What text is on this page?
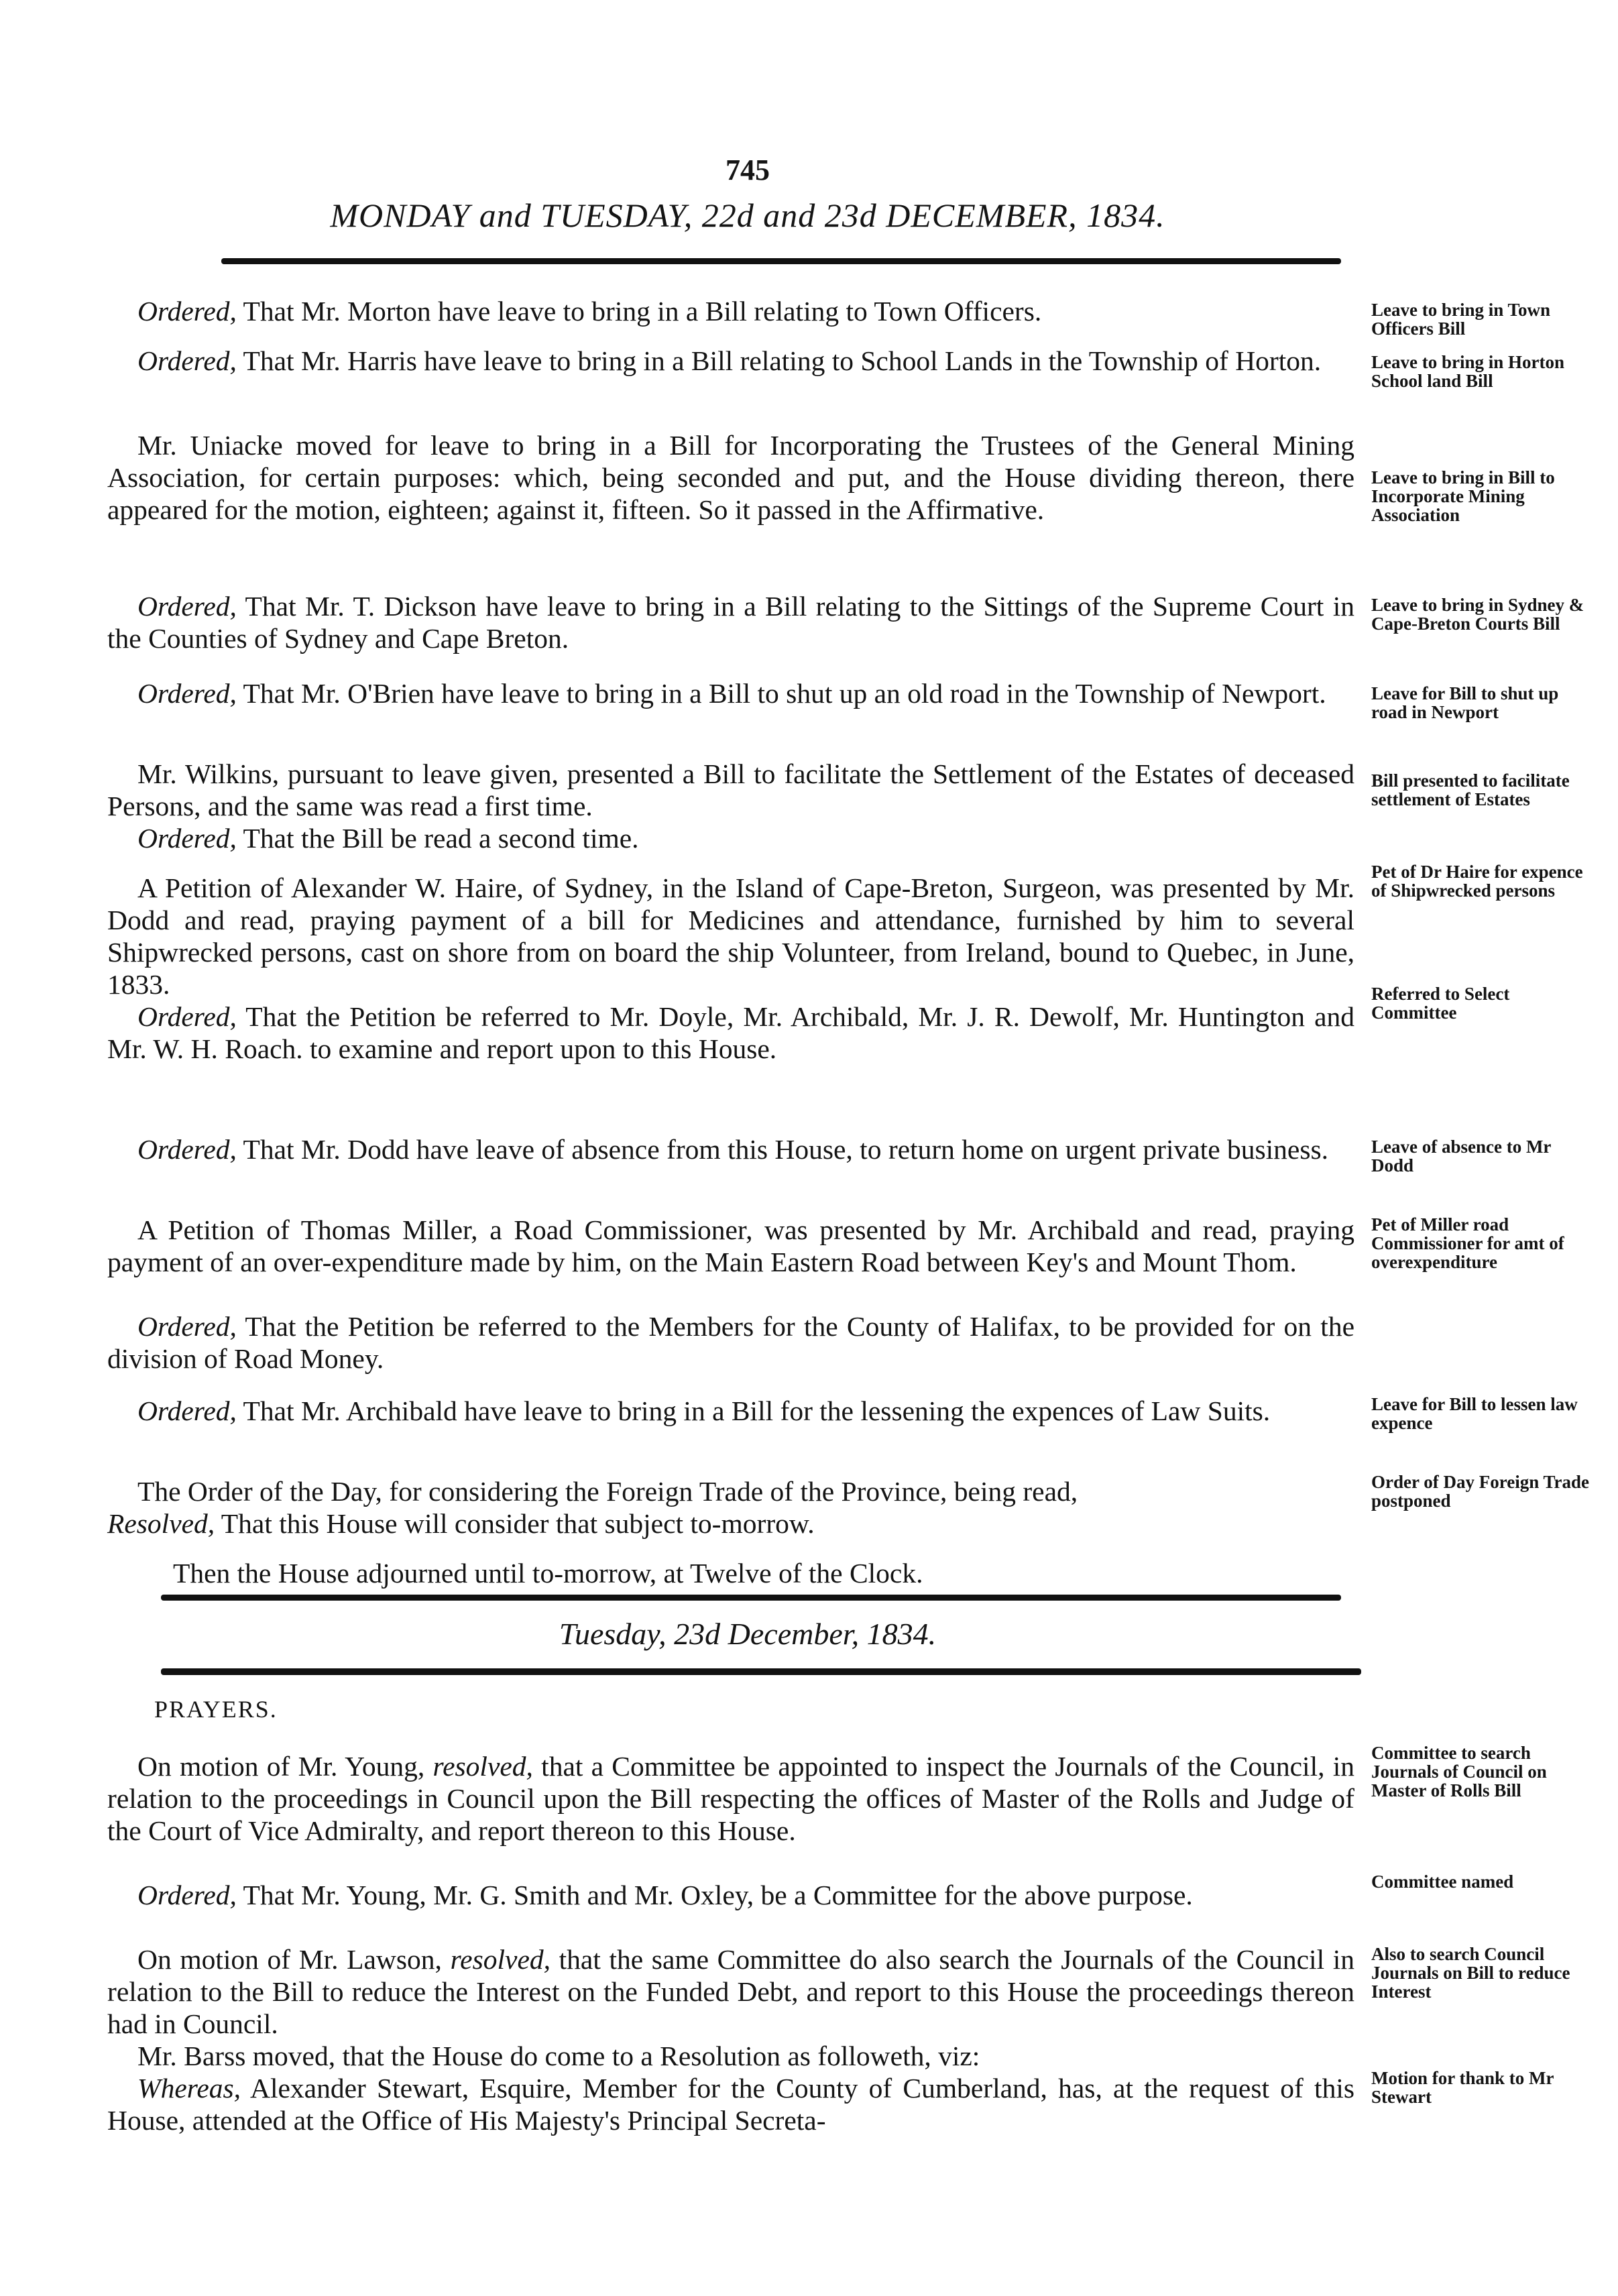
745
MONDAY and TUESDAY, 22d and 23d DECEMBER, 1834.

Ordered, That Mr. Morton have leave to bring in a Bill relating to Town Officers.

Ordered, That Mr. Harris have leave to bring in a Bill relating to School Lands in the Township of Horton.

Mr. Uniacke moved for leave to bring in a Bill for Incorporating the Trustees of the General Mining Association, for certain purposes: which, being seconded and put, and the House dividing thereon, there appeared for the motion, eighteen; against it, fifteen. So it passed in the Affirmative.

Ordered, That Mr. T. Dickson have leave to bring in a Bill relating to the Sittings of the Supreme Court in the Counties of Sydney and Cape Breton.

Ordered, That Mr. O'Brien have leave to bring in a Bill to shut up an old road in the Township of Newport.

Mr. Wilkins, pursuant to leave given, presented a Bill to facilitate the Settlement of the Estates of deceased Persons, and the same was read a first time.

Ordered, That the Bill be read a second time.

A Petition of Alexander W. Haire, of Sydney, in the Island of Cape-Breton, Surgeon, was presented by Mr. Dodd and read, praying payment of a bill for Medicines and attendance, furnished by him to several Shipwrecked persons, cast on shore from on board the ship Volunteer, from Ireland, bound to Quebec, in June, 1833.

Ordered, That the Petition be referred to Mr. Doyle, Mr. Archibald, Mr. J. R. Dewolf, Mr. Huntington and Mr. W. H. Roach. to examine and report upon to this House.

Ordered, That Mr. Dodd have leave of absence from this House, to return home on urgent private business.

A Petition of Thomas Miller, a Road Commissioner, was presented by Mr. Archibald and read, praying payment of an over-expenditure made by him, on the Main Eastern Road between Key's and Mount Thom.

Ordered, That the Petition be referred to the Members for the County of Halifax, to be provided for on the division of Road Money.

Ordered, That Mr. Archibald have leave to bring in a Bill for the lessening the expences of Law Suits.

The Order of the Day, for considering the Foreign Trade of the Province, being read,

Resolved, That this House will consider that subject to-morrow.

Then the House adjourned until to-morrow, at Twelve of the Clock.
Tuesday, 23d December, 1834.
PRAYERS.

On motion of Mr. Young, resolved, that a Committee be appointed to inspect the Journals of the Council, in relation to the proceedings in Council upon the Bill respecting the offices of Master of the Rolls and Judge of the Court of Vice Admiralty, and report thereon to this House.

Ordered, That Mr. Young, Mr. G. Smith and Mr. Oxley, be a Committee for the above purpose.

On motion of Mr. Lawson, resolved, that the same Committee do also search the Journals of the Council in relation to the Bill to reduce the Interest on the Funded Debt, and report to this House the proceedings thereon had in Council.

Mr. Barss moved, that the House do come to a Resolution as followeth, viz:

Whereas, Alexander Stewart, Esquire, Member for the County of Cumberland, has, at the request of this House, attended at the Office of His Majesty's Principal Secreta-

Leave to bring in Town Officers Bill
Leave to bring in Horton School land Bill
Leave to bring in Bill to Incorporate Mining Association
Leave to bring in Sydney & Cape-Breton Courts Bill
Leave for Bill to shut up road in Newport
Bill presented to facilitate settlement of Estates
Pet of Dr Haire for expence of Shipwrecked persons
Referred to Select Committee
Leave of absence to Mr Dodd
Pet of Miller road Commissioner for amt of overexpenditure
Leave for Bill to lessen law expence
Order of Day Foreign Trade postponed
Committee to search Journals of Council on Master of Rolls Bill
Committee named
Also to search Council Journals on Bill to reduce Interest
Motion for thank to Mr Stewart
